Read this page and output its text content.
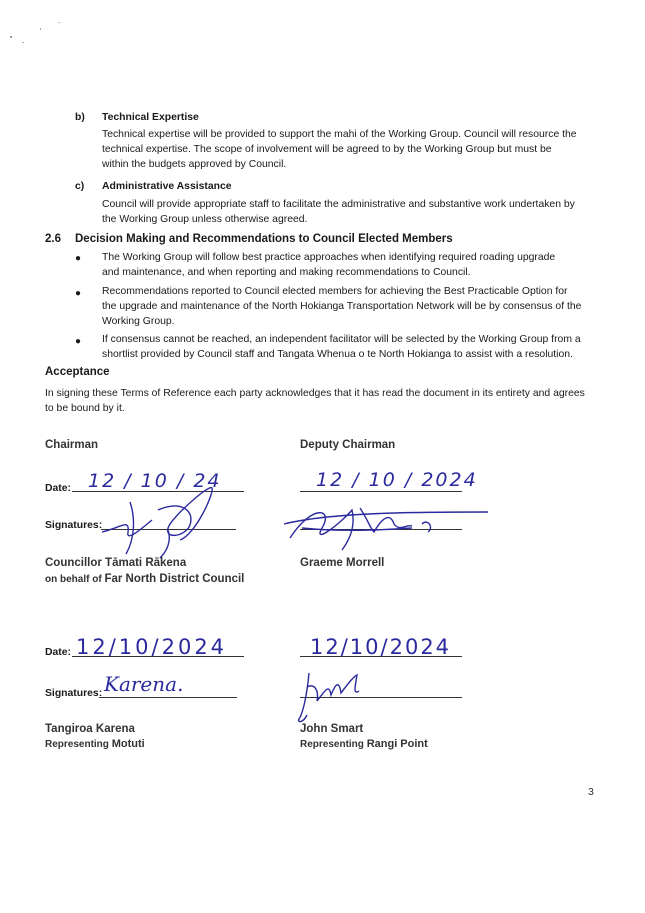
b) Technical Expertise
Technical expertise will be provided to support the mahi of the Working Group. Council will resource the technical expertise. The scope of involvement will be agreed to by the Working Group but must be within the budgets approved by Council.
c) Administrative Assistance
Council will provide appropriate staff to facilitate the administrative and substantive work undertaken by the Working Group unless otherwise agreed.
2.6 Decision Making and Recommendations to Council Elected Members
● The Working Group will follow best practice approaches when identifying required roading upgrade and maintenance, and when reporting and making recommendations to Council.
● Recommendations reported to Council elected members for achieving the Best Practicable Option for the upgrade and maintenance of the North Hokianga Transportation Network will be by consensus of the Working Group.
● If consensus cannot be reached, an independent facilitator will be selected by the Working Group from a shortlist provided by Council staff and Tangata Whenua o te North Hokianga to assist with a resolution.
Acceptance
In signing these Terms of Reference each party acknowledges that it has read the document in its entirety and agrees to be bound by it.
Chairman
Date: 12 / 10 / 24
Signatures:
Councillor Tāmati Rākena
on behalf of Far North District Council
Deputy Chairman
12 / 10 / 2024
Graeme Morrell
Date: 12/10/2024
Signatures: Karena.
Tangiroa Karena
Representing Motuti
12/10/2024
John Smart
Representing Rangi Point
3
